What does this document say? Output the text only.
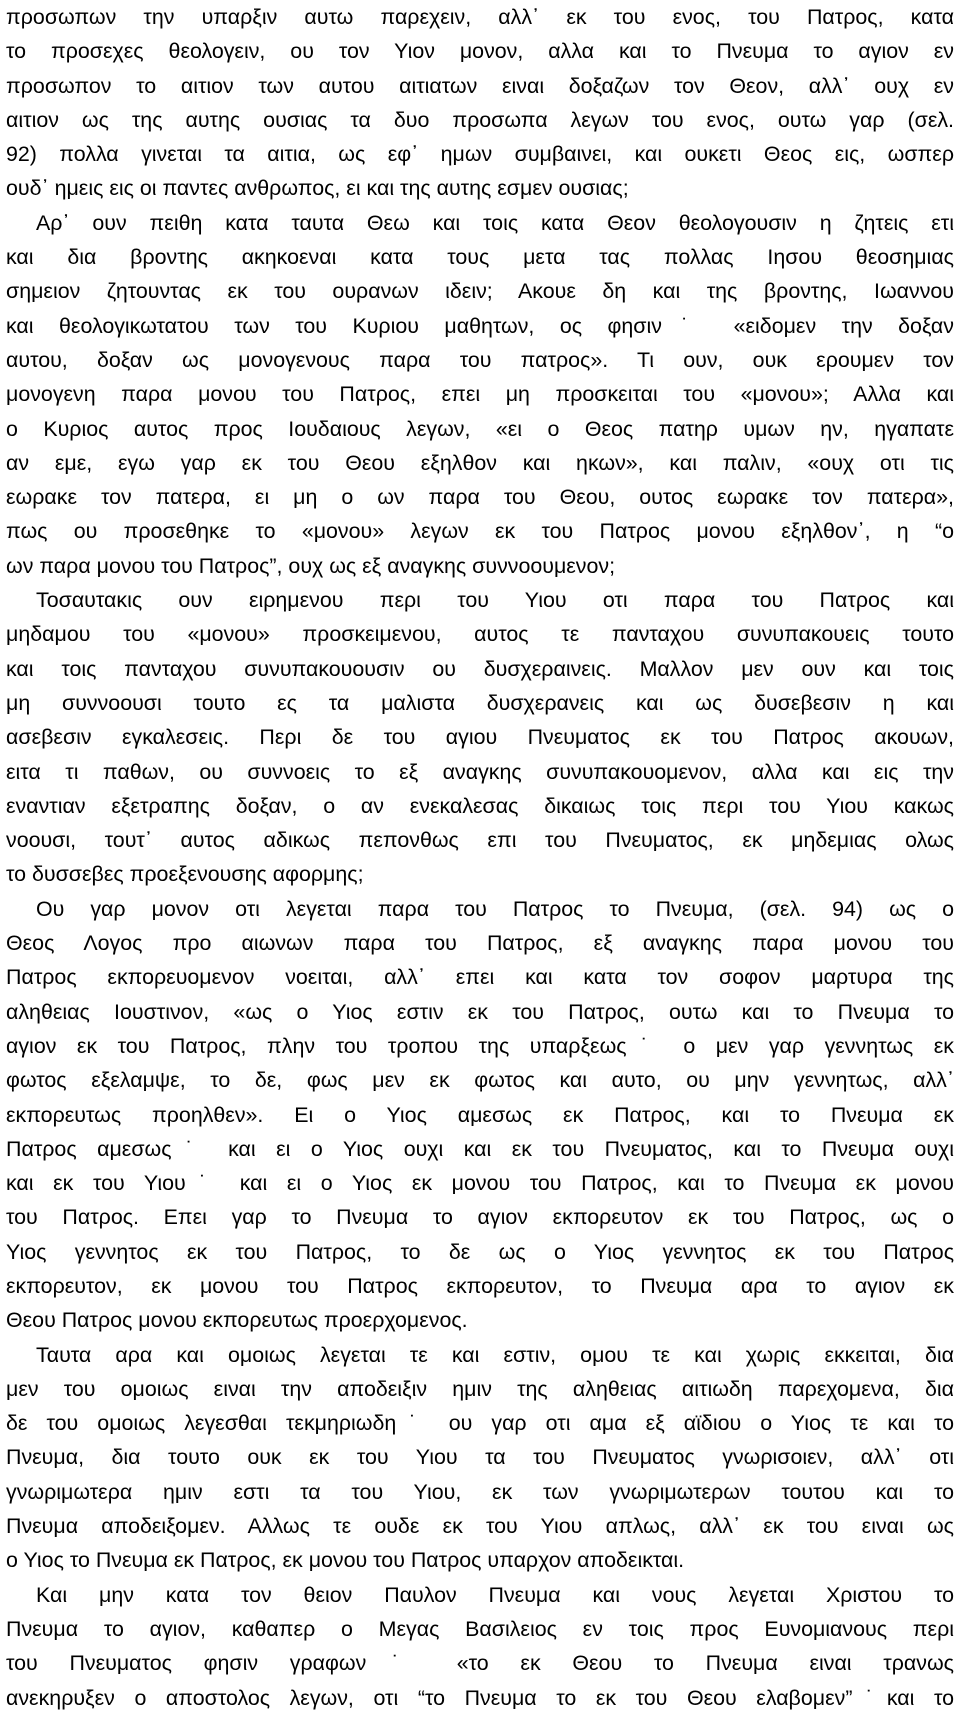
προσωπων την υπαρξιν αυτω παρεχειν, αλλ᾽ εκ του ενος, του Πατρος, κατα
το προσεχες θεολογειν, ου τον Υιον μονον, αλλα και το Πνευμα το αγιον εν
προσωπον το αιτιον των αυτου αιτιατων ειναι δοξαζων τον Θεον, αλλ᾽ ουχ εν
αιτιον ως της αυτης ουσιας τα δυο προσωπα λεγων του ενος, ουτω γαρ (σελ.
92) πολλα γινεται τα αιτια, ως εφ᾽ ημων συμβαινει, και ουκετι Θεος εις, ωσπερ
ουδ᾽ ημεις εις οι παντες ανθρωπος, ει και της αυτης εσμεν ουσιας;
Αρ᾽ ουν πειθη κατα ταυτα Θεω και τοις κατα Θεον θεολογουσιν η ζητεις ετι
και δια βροντης ακηκοεναι κατα τους μετα τας πολλας Ιησου θεοσημιας
σημειον ζητουντας εκ του ουρανων ιδειν; Ακουε δη και της βροντης, Ιωαννου
και θεολογικωτατου των του Κυριου μαθητων, ος φησιν˙ «ειδομεν την δοξαν
αυτου, δοξαν ως μονογενους παρα του πατρος». Τι ουν, ουκ ερουμεν τον
μονογενη παρα μονου του Πατρος, επει μη προσκειται του «μονου»; Αλλα και
ο Κυριος αυτος προς Ιουδαιους λεγων, «ει ο Θεος πατηρ υμων ην, ηγαπατε
αν εμε, εγω γαρ εκ του Θεου εξηλθον και ηκων», και παλιν, «ουχ οτι τις
εωρακε τον πατερα, ει μη ο ων παρα του Θεου, ουτος εωρακε τον πατερα»,
πως ου προσεθηκε το «μονου» λεγων εκ του Πατρος μονου εξηλθον᾽, η “ο
ων παρα μονου του Πατρος”, ουχ ως εξ αναγκης συννοουμενον;
Τοσαυτακις ουν ειρημενου περι του Υιου οτι παρα του Πατρος και
μηδαμου του «μονου» προσκειμενου, αυτος τε πανταχου συνυπακουεις τουτο
και τοις πανταχου συνυπακουουσιν ου δυσχεραινεις. Μαλλον μεν ουν και τοις
μη συννοουσι τουτο ες τα μαλιστα δυσχερανεις και ως δυσεβεσιν η και
ασεβεσιν εγκαλεσεις. Περι δε του αγιου Πνευματος εκ του Πατρος ακουων,
ειτα τι παθων, ου συννοεις το εξ αναγκης συνυπακουομενον, αλλα και εις την
εναντιαν εξετραπης δοξαν, ο αν ενεκαλεσας δικαιως τοις περι του Υιου κακως
νοουσι, τουτ᾽ αυτος αδικως πεπονθως επι του Πνευματος, εκ μηδεμιας ολως
το δυσσεβες προεξενουσης αφορμης;
Ου γαρ μονον οτι λεγεται παρα του Πατρος το Πνευμα, (σελ. 94) ως ο
Θεος Λογος προ αιωνων παρα του Πατρος, εξ αναγκης παρα μονου του
Πατρος εκπορευομενον νοειται, αλλ᾽ επει και κατα τον σοφον μαρτυρα της
αληθειας Ιουστινον, «ως ο Υιος εστιν εκ του Πατρος, ουτω και το Πνευμα το
αγιον εκ του Πατρος, πλην του τροπου της υπαρξεως˙ ο μεν γαρ γεννητως εκ
φωτος εξελαμψε, το δε, φως μεν εκ φωτος και αυτο, ου μην γεννητως, αλλ᾽
εκπορευτως προηλθεν». Ει ο Υιος αμεσως εκ Πατρος, και το Πνευμα εκ
Πατρος αμεσως˙ και ει ο Υιος ουχι και εκ του Πνευματος, και το Πνευμα ουχι
και εκ του Υιου˙ και ει ο Υιος εκ μονου του Πατρος, και το Πνευμα εκ μονου
του Πατρος. Επει γαρ το Πνευμα το αγιον εκπορευτον εκ του Πατρος, ως ο
Υιος γεννητος εκ του Πατρος, το δε ως ο Υιος γεννητος εκ του Πατρος
εκπορευτον, εκ μονου του Πατρος εκπορευτον, το Πνευμα αρα το αγιον εκ
Θεου Πατρος μονου εκπορευτως προερχομενος.
Ταυτα αρα και ομοιως λεγεται τε και εστιν, ομου τε και χωρις εκκειται, δια
μεν του ομοιως ειναι την αποδειξιν ημιν της αληθειας αιτιωδη παρεχομενα, δια
δε του ομοιως λεγεσθαι τεκμηριωδη˙ ου γαρ οτι αμα εξ αϊδιου ο Υιος τε και το
Πνευμα, δια τουτο ουκ εκ του Υιου τα του Πνευματος γνωρισοιεν, αλλ᾽ οτι
γνωριμωτερα ημιν εστι τα του Υιου, εκ των γνωριμωτερων τουτου και το
Πνευμα αποδειξομεν. Αλλως τε ουδε εκ του Υιου απλως, αλλ᾽ εκ του ειναι ως
ο Υιος το Πνευμα εκ Πατρος, εκ μονου του Πατρος υπαρχον αποδεικται.
Και μην κατα τον θειον Παυλον Πνευμα και νους λεγεται Χριστου το
Πνευμα το αγιον, καθαπερ ο Μεγας Βασιλειος εν τοις προς Ευνομιανους περι
του Πνευματος φησιν γραφων˙ «το εκ Θεου το Πνευμα ειναι τρανως
ανεκηρυξεν ο αποστολος λεγων, οτι “το Πνευμα το εκ του Θεου ελαβομεν”˙και το
